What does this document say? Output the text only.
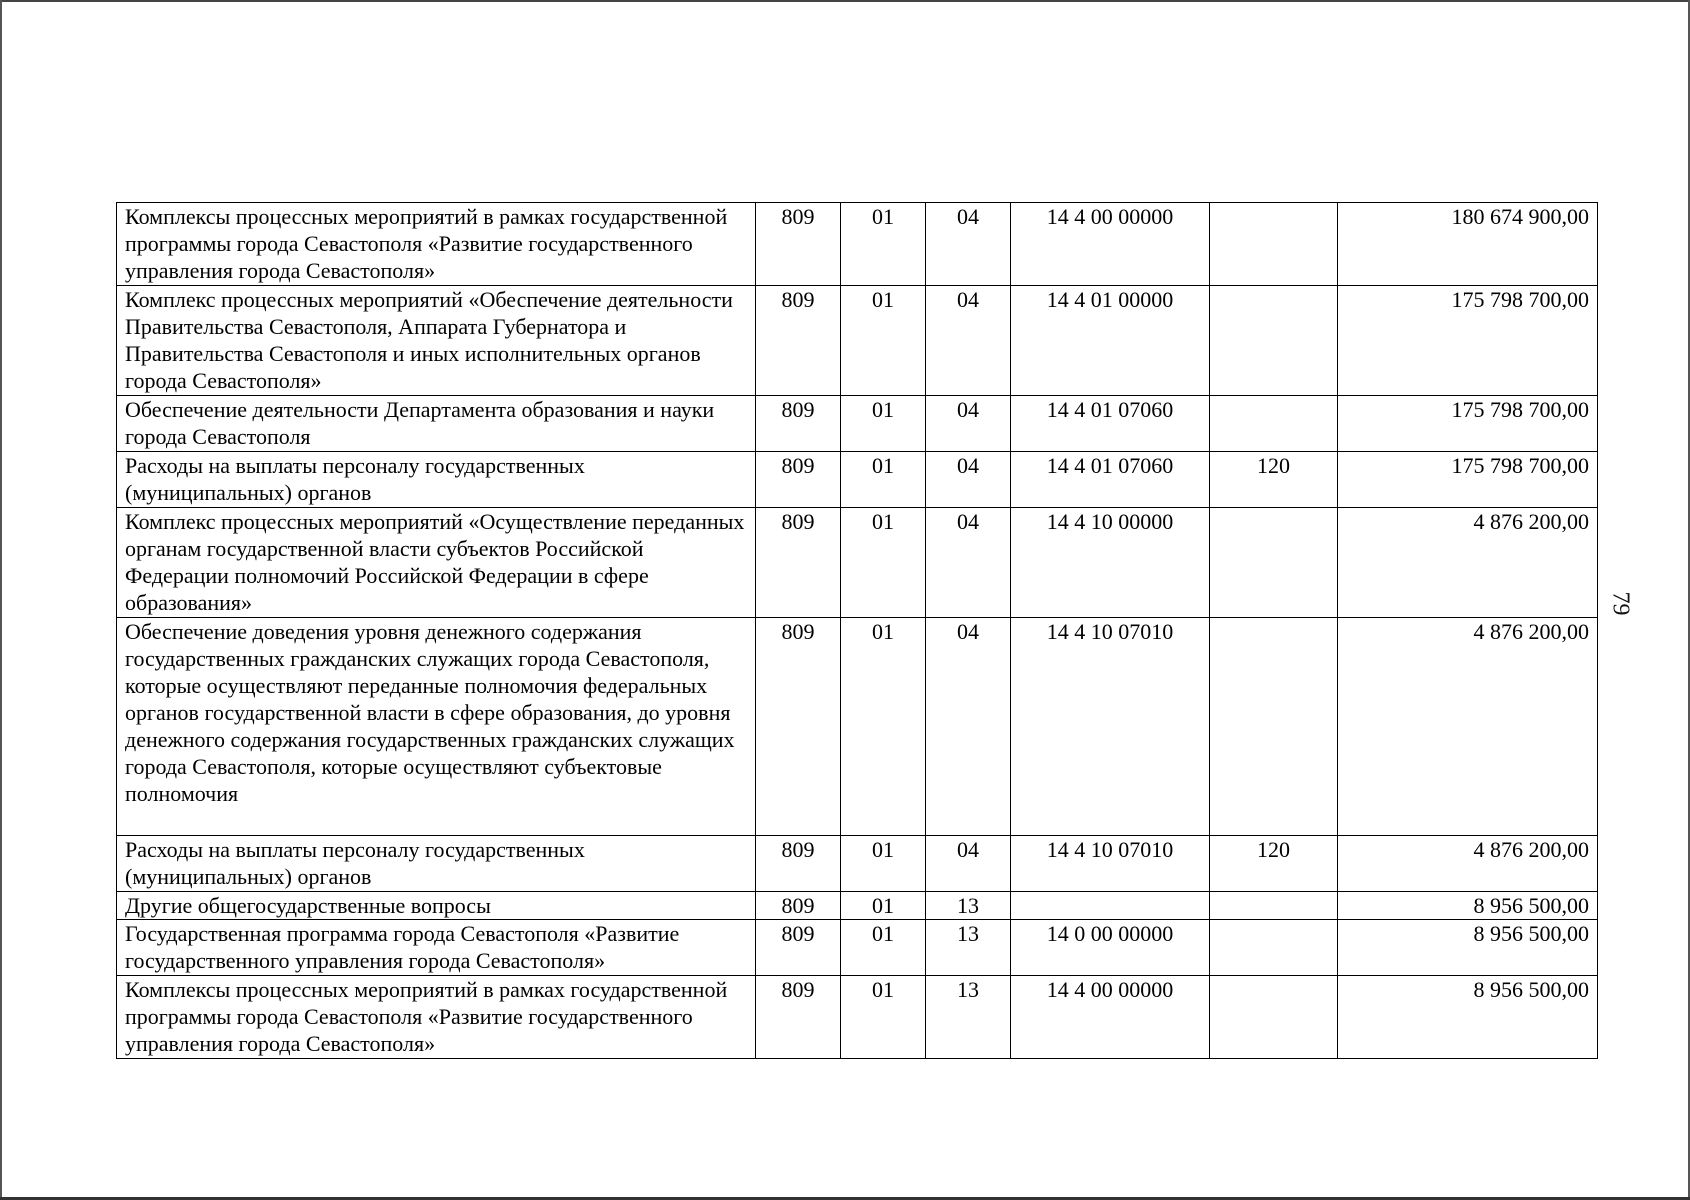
79
Комплексы процессных мероприятий в рамках государственной программы города Севастополя «Развитие государственного управления города Севастополя»	809	01	04	14 4 00 00000		180 674 900,00
Комплекс процессных мероприятий «Обеспечение деятельности Правительства Севастополя, Аппарата Губернатора и Правительства Севастополя и иных исполнительных органов города Севастополя»	809	01	04	14 4 01 00000		175 798 700,00
Обеспечение деятельности Департамента образования и науки города Севастополя	809	01	04	14 4 01 07060		175 798 700,00
Расходы на выплаты персоналу государственных (муниципальных) органов	809	01	04	14 4 01 07060	120	175 798 700,00
Комплекс процессных мероприятий «Осуществление переданных органам государственной власти субъектов Российской Федерации полномочий Российской Федерации в сфере образования»	809	01	04	14 4 10 00000		4 876 200,00
Обеспечение доведения уровня денежного содержания государственных гражданских служащих города Севастополя, которые осуществляют переданные полномочия федеральных органов государственной власти в сфере образования, до уровня денежного содержания государственных гражданских служащих города Севастополя, которые осуществляют субъектовые полномочия	809	01	04	14 4 10 07010		4 876 200,00
Расходы на выплаты персоналу государственных (муниципальных) органов	809	01	04	14 4 10 07010	120	4 876 200,00
Другие общегосударственные вопросы	809	01	13			8 956 500,00
Государственная программа города Севастополя «Развитие государственного управления города Севастополя»	809	01	13	14 0 00 00000		8 956 500,00
Комплексы процессных мероприятий в рамках государственной программы города Севастополя «Развитие государственного управления города Севастополя»	809	01	13	14 4 00 00000		8 956 500,00
